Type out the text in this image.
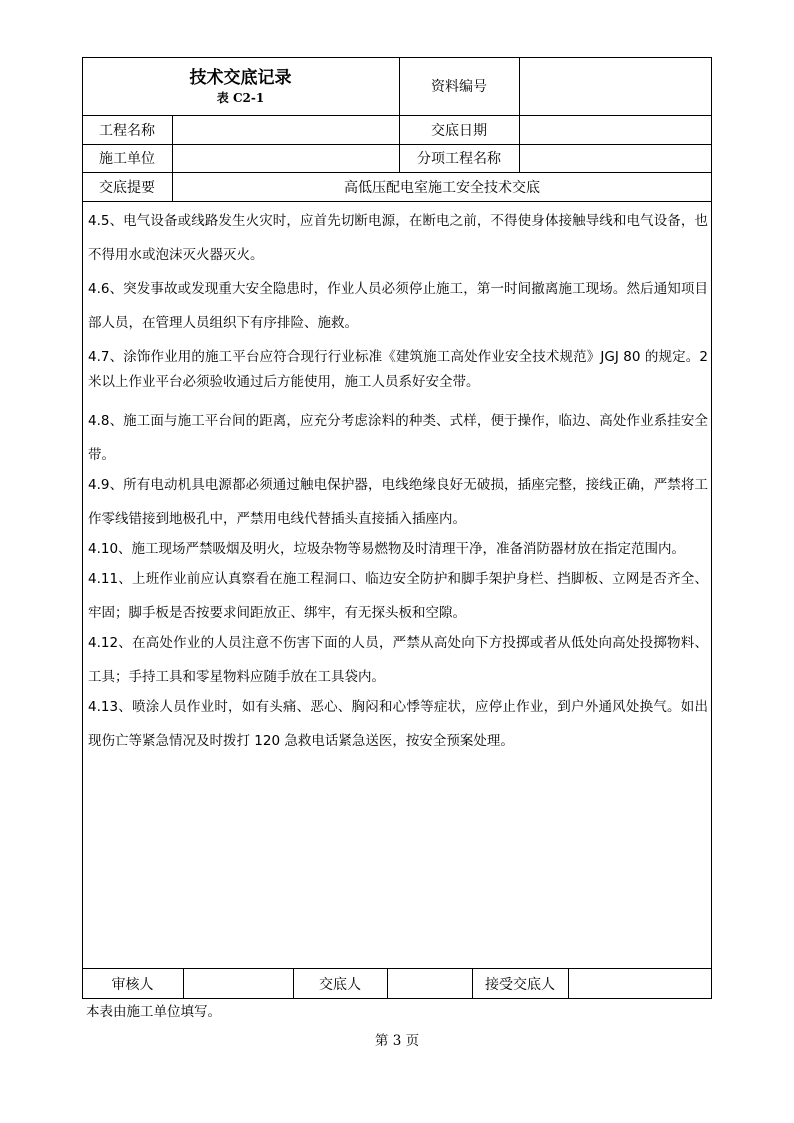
技术交底记录
表 C2-1
资料编号
工程名称	交底日期
施工单位	分项工程名称
交底提要	高低压配电室施工安全技术交底

4.5、电气设备或线路发生火灾时，应首先切断电源，在断电之前，不得使身体接触导线和电气设备，也不得用水或泡沫灭火器灭火。

4.6、突发事故或发现重大安全隐患时，作业人员必须停止施工，第一时间撤离施工现场。然后通知项目部人员，在管理人员组织下有序排险、施救。

4.7、涂饰作业用的施工平台应符合现行行业标准《建筑施工高处作业安全技术规范》JGJ 80 的规定。2米以上作业平台必须验收通过后方能使用，施工人员系好安全带。

4.8、施工面与施工平台间的距离，应充分考虑涂料的种类、式样，便于操作，临边、高处作业系挂安全带。

4.9、所有电动机具电源都必须通过触电保护器，电线绝缘良好无破损，插座完整，接线正确，严禁将工作零线错接到地极孔中，严禁用电线代替插头直接插入插座内。

4.10、施工现场严禁吸烟及明火，垃圾杂物等易燃物及时清理干净，准备消防器材放在指定范围内。

4.11、上班作业前应认真察看在施工程洞口、临边安全防护和脚手架护身栏、挡脚板、立网是否齐全、牢固；脚手板是否按要求间距放正、绑牢，有无探头板和空隙。

4.12、在高处作业的人员注意不伤害下面的人员，严禁从高处向下方投掷或者从低处向高处投掷物料、工具；手持工具和零星物料应随手放在工具袋内。

4.13、喷涂人员作业时，如有头痛、恶心、胸闷和心悸等症状，应停止作业，到户外通风处换气。如出现伤亡等紧急情况及时拨打 120 急救电话紧急送医，按安全预案处理。

审核人	交底人	接受交底人
本表由施工单位填写。
第 3 页
